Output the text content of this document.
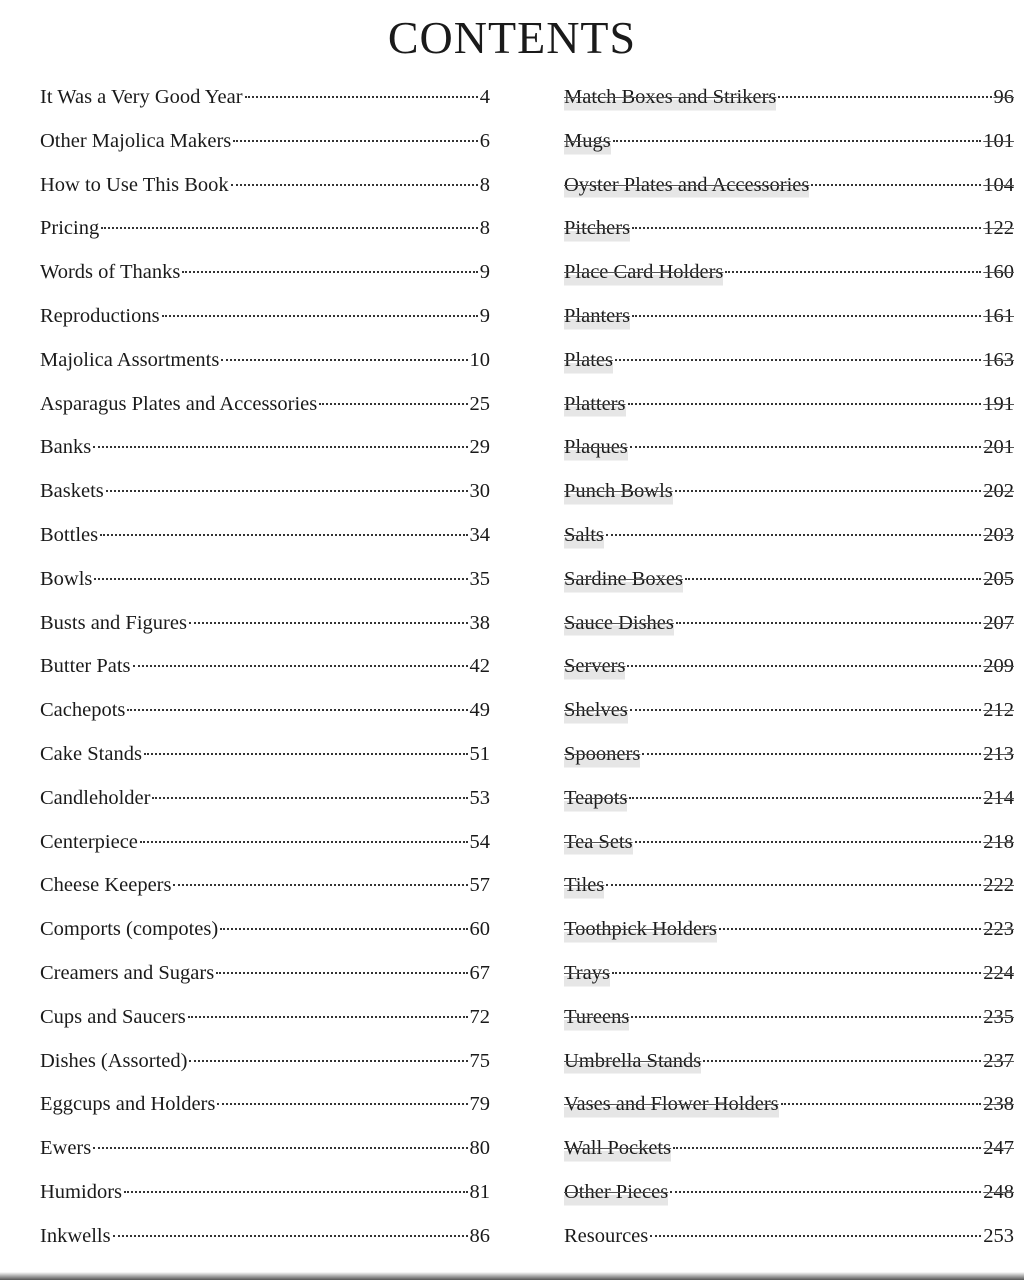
CONTENTS
It Was a Very Good Year	4
Other Majolica Makers	6
How to Use This Book	8
Pricing	8
Words of Thanks	9
Reproductions	9
Majolica Assortments	10
Asparagus Plates and Accessories	25
Banks	29
Baskets	30
Bottles	34
Bowls	35
Busts and Figures	38
Butter Pats	42
Cachepots	49
Cake Stands	51
Candleholder	53
Centerpiece	54
Cheese Keepers	57
Comports (compotes)	60
Creamers and Sugars	67
Cups and Saucers	72
Dishes (Assorted)	75
Eggcups and Holders	79
Ewers	80
Humidors	81
Inkwells	86
Match Boxes and Strikers	96
Mugs	101
Oyster Plates and Accessories	104
Pitchers	122
Place Card Holders	160
Planters	161
Plates	163
Platters	191
Plaques	201
Punch Bowls	202
Salts	203
Sardine Boxes	205
Sauce Dishes	207
Servers	209
Shelves	212
Spooners	213
Teapots	214
Tea Sets	218
Tiles	222
Toothpick Holders	223
Trays	224
Tureens	235
Umbrella Stands	237
Vases and Flower Holders	238
Wall Pockets	247
Other Pieces	248
Resources	253
